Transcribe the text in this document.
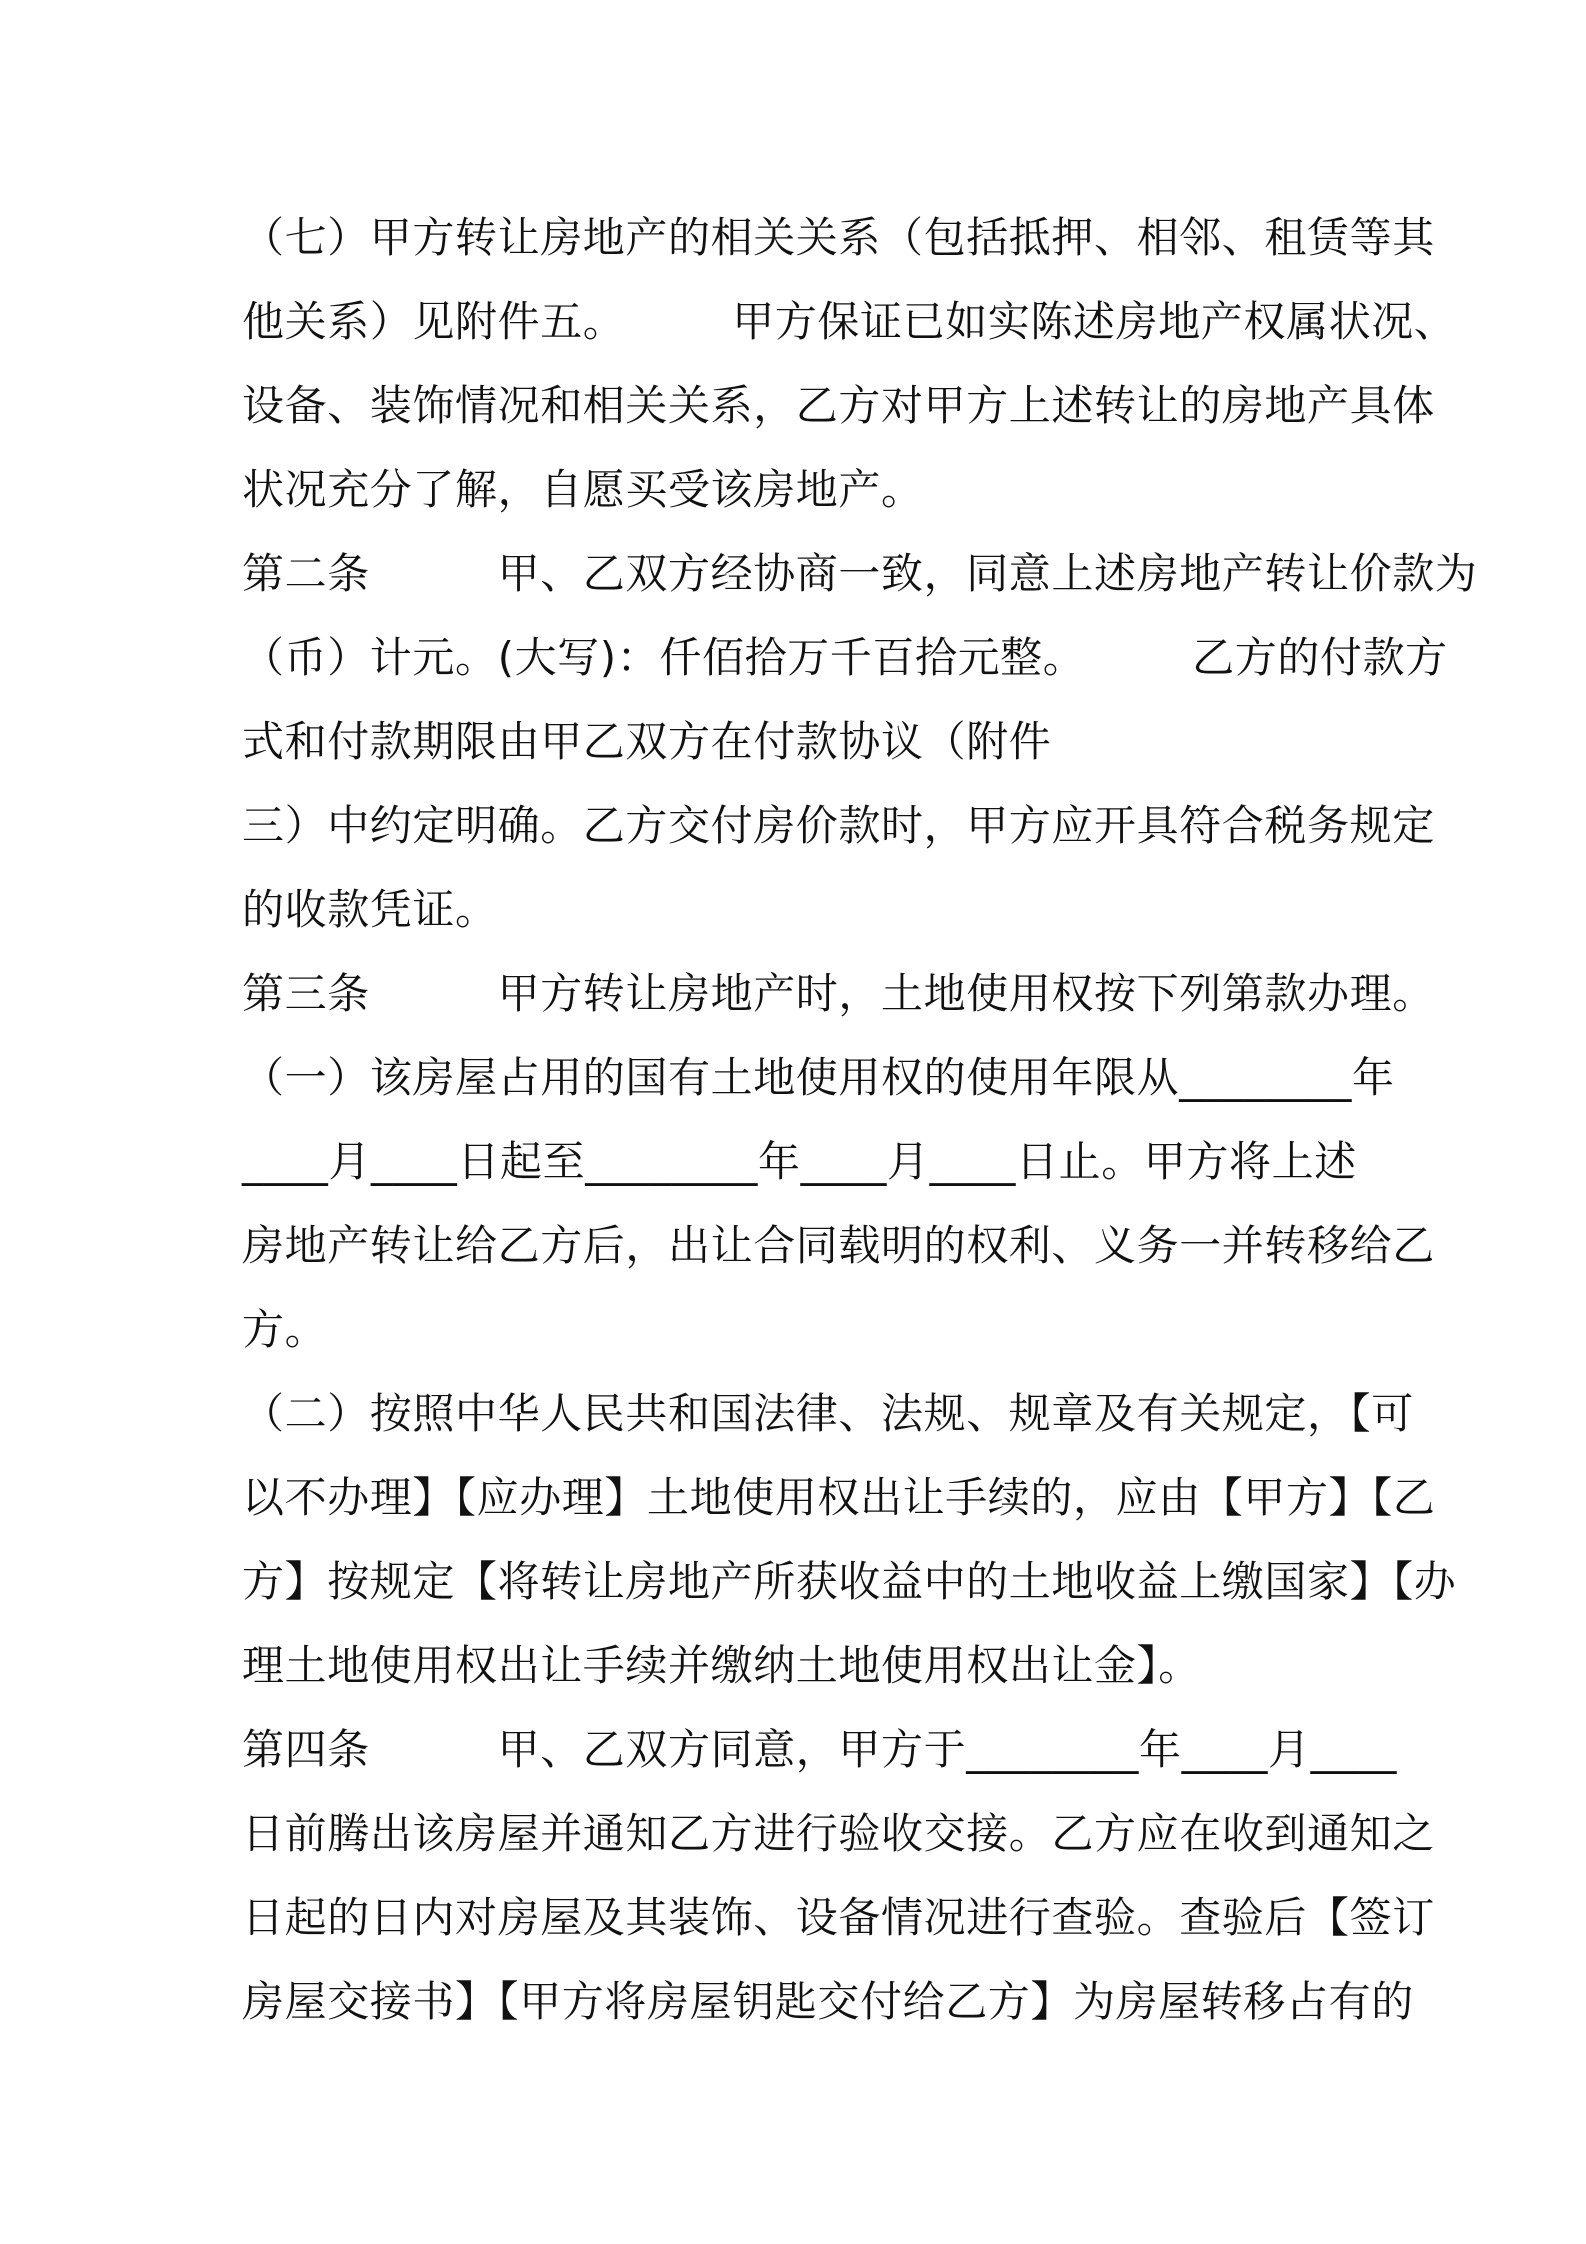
（七）甲方转让房地产的相关关系（包括抵押、相邻、租赁等其
他关系）见附件五。　　　甲方保证已如实陈述房地产权属状况、
设备、装饰情况和相关关系，乙方对甲方上述转让的房地产具体
状况充分了解，自愿买受该房地产。
第二条　　　甲、乙双方经协商一致，同意上述房地产转让价款为
（币）计元。(大写)：仟佰拾万千百拾元整。　　　乙方的付款方
式和付款期限由甲乙双方在付款协议（附件
三）中约定明确。乙方交付房价款时，甲方应开具符合税务规定
的收款凭证。
第三条　　　甲方转让房地产时，土地使用权按下列第款办理。
（一）该房屋占用的国有土地使用权的使用年限从________年
____月____日起至________年____月____日止。甲方将上述
房地产转让给乙方后，出让合同载明的权利、义务一并转移给乙
方。
（二）按照中华人民共和国法律、法规、规章及有关规定，【可
以不办理】【应办理】土地使用权出让手续的，应由【甲方】【乙
方】按规定【将转让房地产所获收益中的土地收益上缴国家】【办
理土地使用权出让手续并缴纳土地使用权出让金】。
第四条　　　甲、乙双方同意，甲方于________年____月____
日前腾出该房屋并通知乙方进行验收交接。乙方应在收到通知之
日起的日内对房屋及其装饰、设备情况进行查验。查验后【签订
房屋交接书】【甲方将房屋钥匙交付给乙方】为房屋转移占有的
